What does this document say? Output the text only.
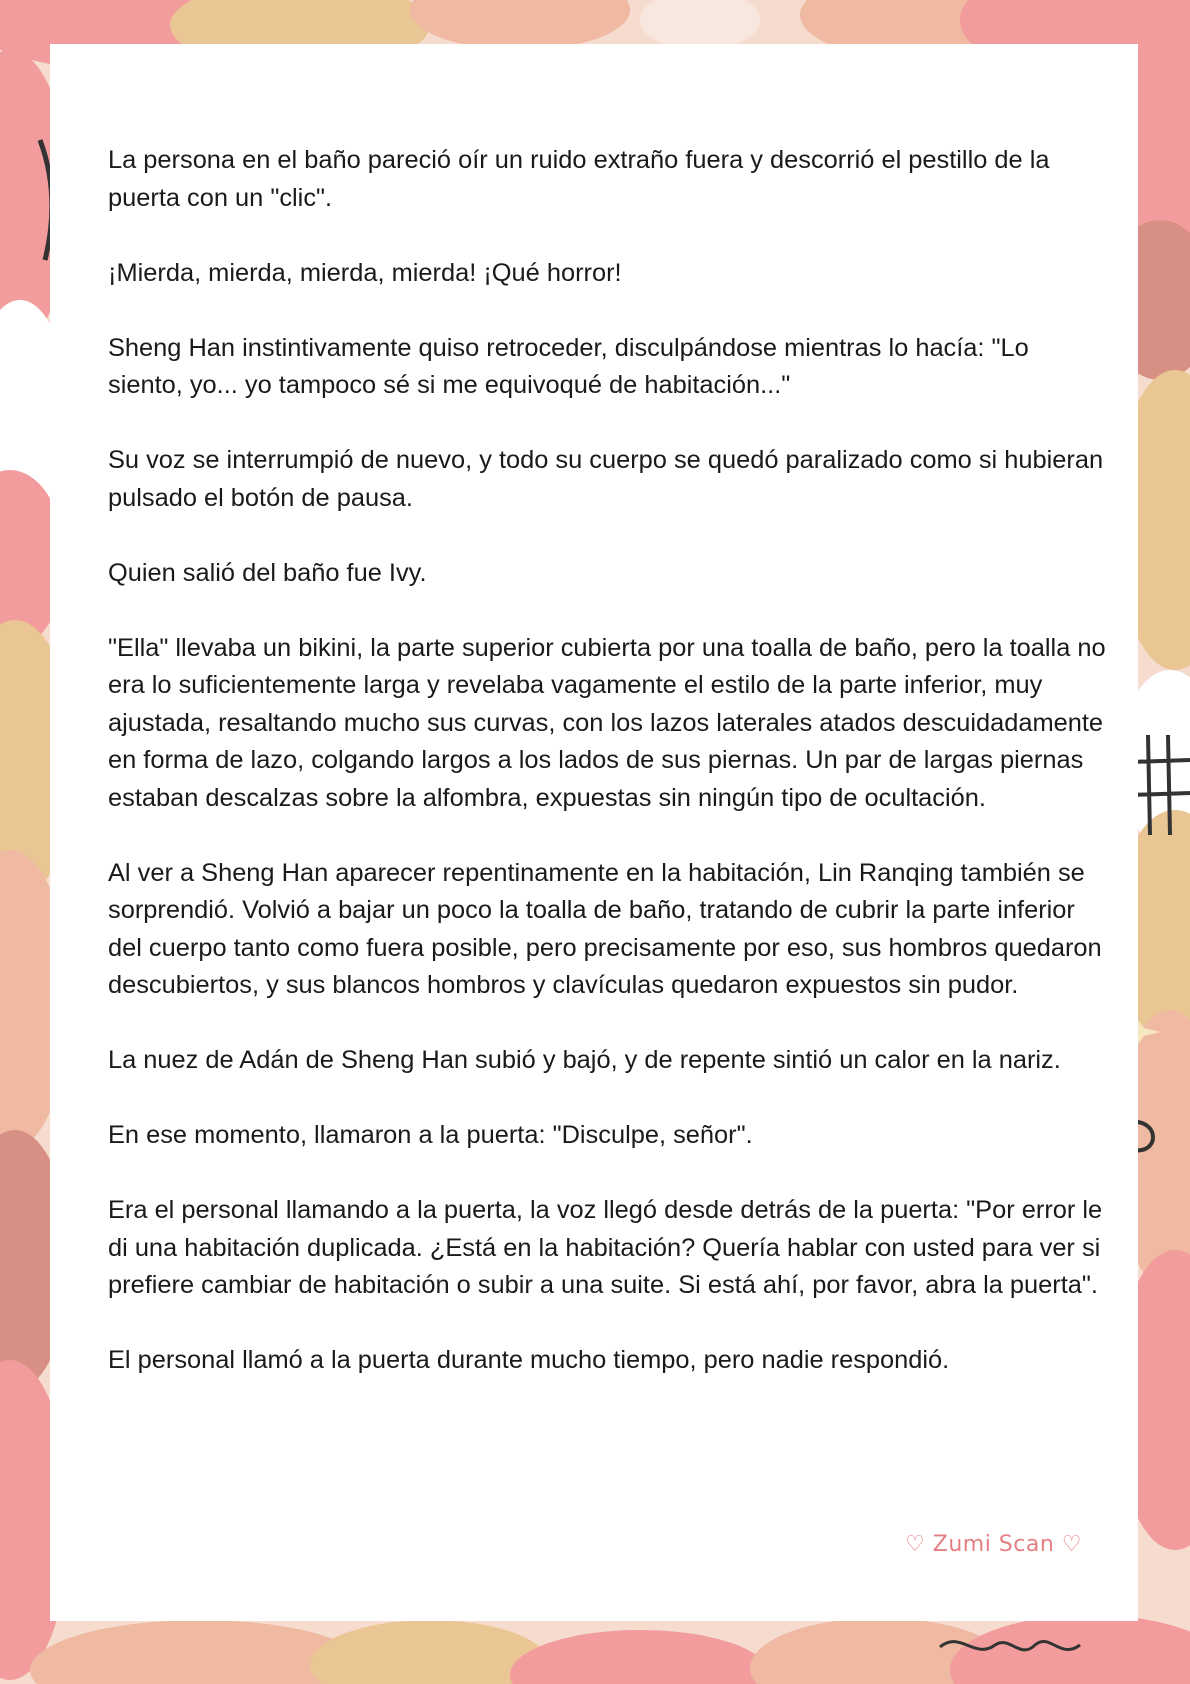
La persona en el baño pareció oír un ruido extraño fuera y descorrió el pestillo de la puerta con un "clic".

¡Mierda, mierda, mierda, mierda! ¡Qué horror!

Sheng Han instintivamente quiso retroceder, disculpándose mientras lo hacía: "Lo siento, yo... yo tampoco sé si me equivoqué de habitación..."

Su voz se interrumpió de nuevo, y todo su cuerpo se quedó paralizado como si hubieran pulsado el botón de pausa.

Quien salió del baño fue Ivy.

"Ella" llevaba un bikini, la parte superior cubierta por una toalla de baño, pero la toalla no era lo suficientemente larga y revelaba vagamente el estilo de la parte inferior, muy ajustada, resaltando mucho sus curvas, con los lazos laterales atados descuidadamente en forma de lazo, colgando largos a los lados de sus piernas. Un par de largas piernas estaban descalzas sobre la alfombra, expuestas sin ningún tipo de ocultación.

Al ver a Sheng Han aparecer repentinamente en la habitación, Lin Ranqing también se sorprendió. Volvió a bajar un poco la toalla de baño, tratando de cubrir la parte inferior del cuerpo tanto como fuera posible, pero precisamente por eso, sus hombros quedaron descubiertos, y sus blancos hombros y clavículas quedaron expuestos sin pudor.

La nuez de Adán de Sheng Han subió y bajó, y de repente sintió un calor en la nariz.

En ese momento, llamaron a la puerta: "Disculpe, señor".

Era el personal llamando a la puerta, la voz llegó desde detrás de la puerta: "Por error le di una habitación duplicada. ¿Está en la habitación? Quería hablar con usted para ver si prefiere cambiar de habitación o subir a una suite. Si está ahí, por favor, abra la puerta".

El personal llamó a la puerta durante mucho tiempo, pero nadie respondió.

♡ Zumi Scan ♡
